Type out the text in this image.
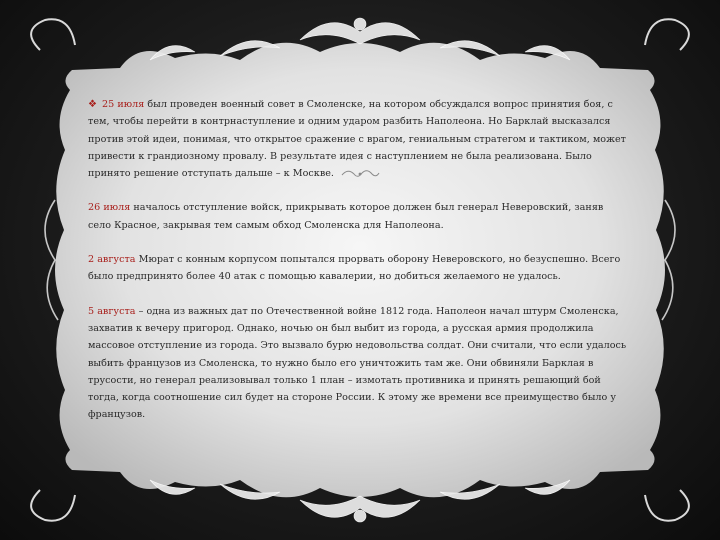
❖ 25 июля был проведен военный совет в Смоленске, на котором обсуждался вопрос принятия боя, с тем, чтобы перейти в контрнаступление и одним ударом разбить Наполеона. Но Барклай высказался против этой идеи, понимая, что открытое сражение с врагом, гениальным стратегом и тактиком, может привести к грандиозному провалу. В результате идея с наступлением не была реализована. Было принято решение отступать дальше – к Москве.

26 июля началось отступление войск, прикрывать которое должен был генерал Неверовский, заняв село Красное, закрывая тем самым обход Смоленска для Наполеона.

2 августа Мюрат с конным корпусом попытался прорвать оборону Неверовского, но безуспешно. Всего было предпринято более 40 атак с помощью кавалерии, но добиться желаемого не удалось.

5 августа – одна из важных дат по Отечественной войне 1812 года. Наполеон начал штурм Смоленска, захватив к вечеру пригород. Однако, ночью он был выбит из города, а русская армия продолжила массовое отступление из города. Это вызвало бурю недовольства солдат. Они считали, что если удалось выбить французов из Смоленска, то нужно было его уничтожить там же. Они обвиняли Барклая в трусости, но генерал реализовывал только 1 план – измотать противника и принять решающий бой тогда, когда соотношение сил будет на стороне России. К этому же времени все преимущество было у французов.
